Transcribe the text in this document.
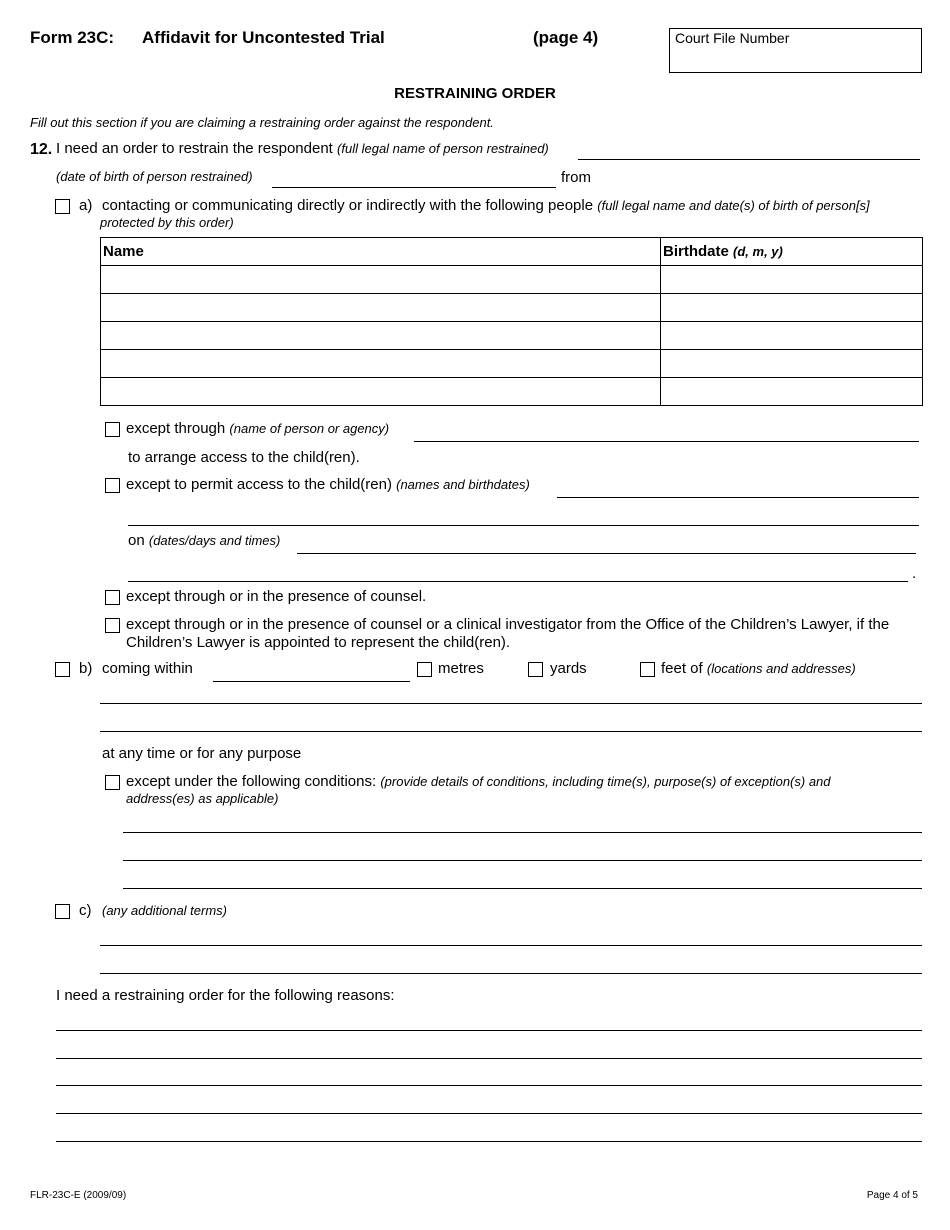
Form 23C: Affidavit for Uncontested Trial	(page 4)	Court File Number
RESTRAINING ORDER
Fill out this section if you are claiming a restraining order against the respondent.
12. I need an order to restrain the respondent (full legal name of person restrained)
(date of birth of person restrained)	from
a) contacting or communicating directly or indirectly with the following people (full legal name and date(s) of birth of person[s]
protected by this order)
Name	Birthdate (d, m, y)

except through (name of person or agency)
to arrange access to the child(ren).
except to permit access to the child(ren) (names and birthdates)
on (dates/days and times)
.
except through or in the presence of counsel.
except through or in the presence of counsel or a clinical investigator from the Office of the Children’s Lawyer, if the
Children’s Lawyer is appointed to represent the child(ren).
b) coming within	metres	yards	feet of (locations and addresses)
at any time or for any purpose
except under the following conditions: (provide details of conditions, including time(s), purpose(s) of exception(s) and
address(es) as applicable)
c) (any additional terms)
I need a restraining order for the following reasons:
FLR-23C-E (2009/09)	Page 4 of 5
